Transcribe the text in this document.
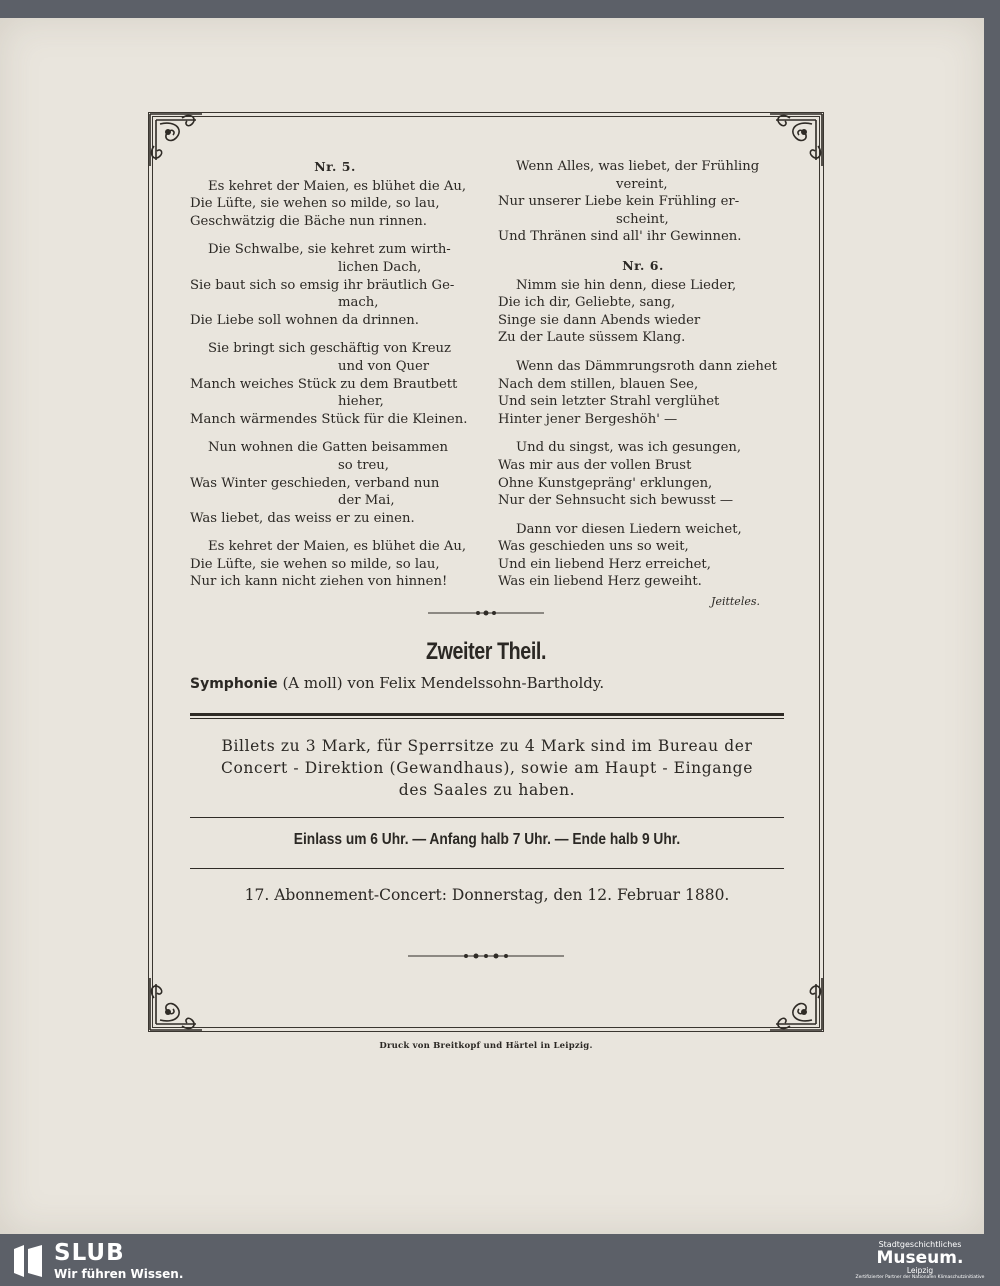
Nr. 5.
Es kehret der Maien, es blühet die Au,
Die Lüfte, sie wehen so milde, so lau,
Geschwätzig die Bäche nun rinnen.
Die Schwalbe, sie kehret zum wirth-
lichen Dach,
Sie baut sich so emsig ihr bräutlich Ge-
mach,
Die Liebe soll wohnen da drinnen.
Sie bringt sich geschäftig von Kreuz
und von Quer
Manch weiches Stück zu dem Brautbett
hieher,
Manch wärmendes Stück für die Kleinen.
Nun wohnen die Gatten beisammen
so treu,
Was Winter geschieden, verband nun
der Mai,
Was liebet, das weiss er zu einen.
Es kehret der Maien, es blühet die Au,
Die Lüfte, sie wehen so milde, so lau,
Nur ich kann nicht ziehen von hinnen!
Wenn Alles, was liebet, der Frühling
vereint,
Nur unserer Liebe kein Frühling er-
scheint,
Und Thränen sind all' ihr Gewinnen.
Nr. 6.
Nimm sie hin denn, diese Lieder,
Die ich dir, Geliebte, sang,
Singe sie dann Abends wieder
Zu der Laute süssem Klang.
Wenn das Dämmrungsroth dann ziehet
Nach dem stillen, blauen See,
Und sein letzter Strahl verglühet
Hinter jener Bergeshöh' —
Und du singst, was ich gesungen,
Was mir aus der vollen Brust
Ohne Kunstgepräng' erklungen,
Nur der Sehnsucht sich bewusst —
Dann vor diesen Liedern weichet,
Was geschieden uns so weit,
Und ein liebend Herz erreichet,
Was ein liebend Herz geweiht.
Jeitteles.
Zweiter Theil.
Symphonie (A moll) von Felix Mendelssohn-Bartholdy.
Billets zu 3 Mark, für Sperrsitze zu 4 Mark sind im Bureau der
Concert - Direktion (Gewandhaus), sowie am Haupt - Eingange
des Saales zu haben.
Einlass um 6 Uhr. — Anfang halb 7 Uhr. — Ende halb 9 Uhr.
17. Abonnement-Concert: Donnerstag, den 12. Februar 1880.
Druck von Breitkopf und Härtel in Leipzig.
SLUB
Wir führen Wissen.
Stadtgeschichtliches
Museum.
Leipzig
Zertifizierter Partner der Nationalen Klimaschutzinitiative
